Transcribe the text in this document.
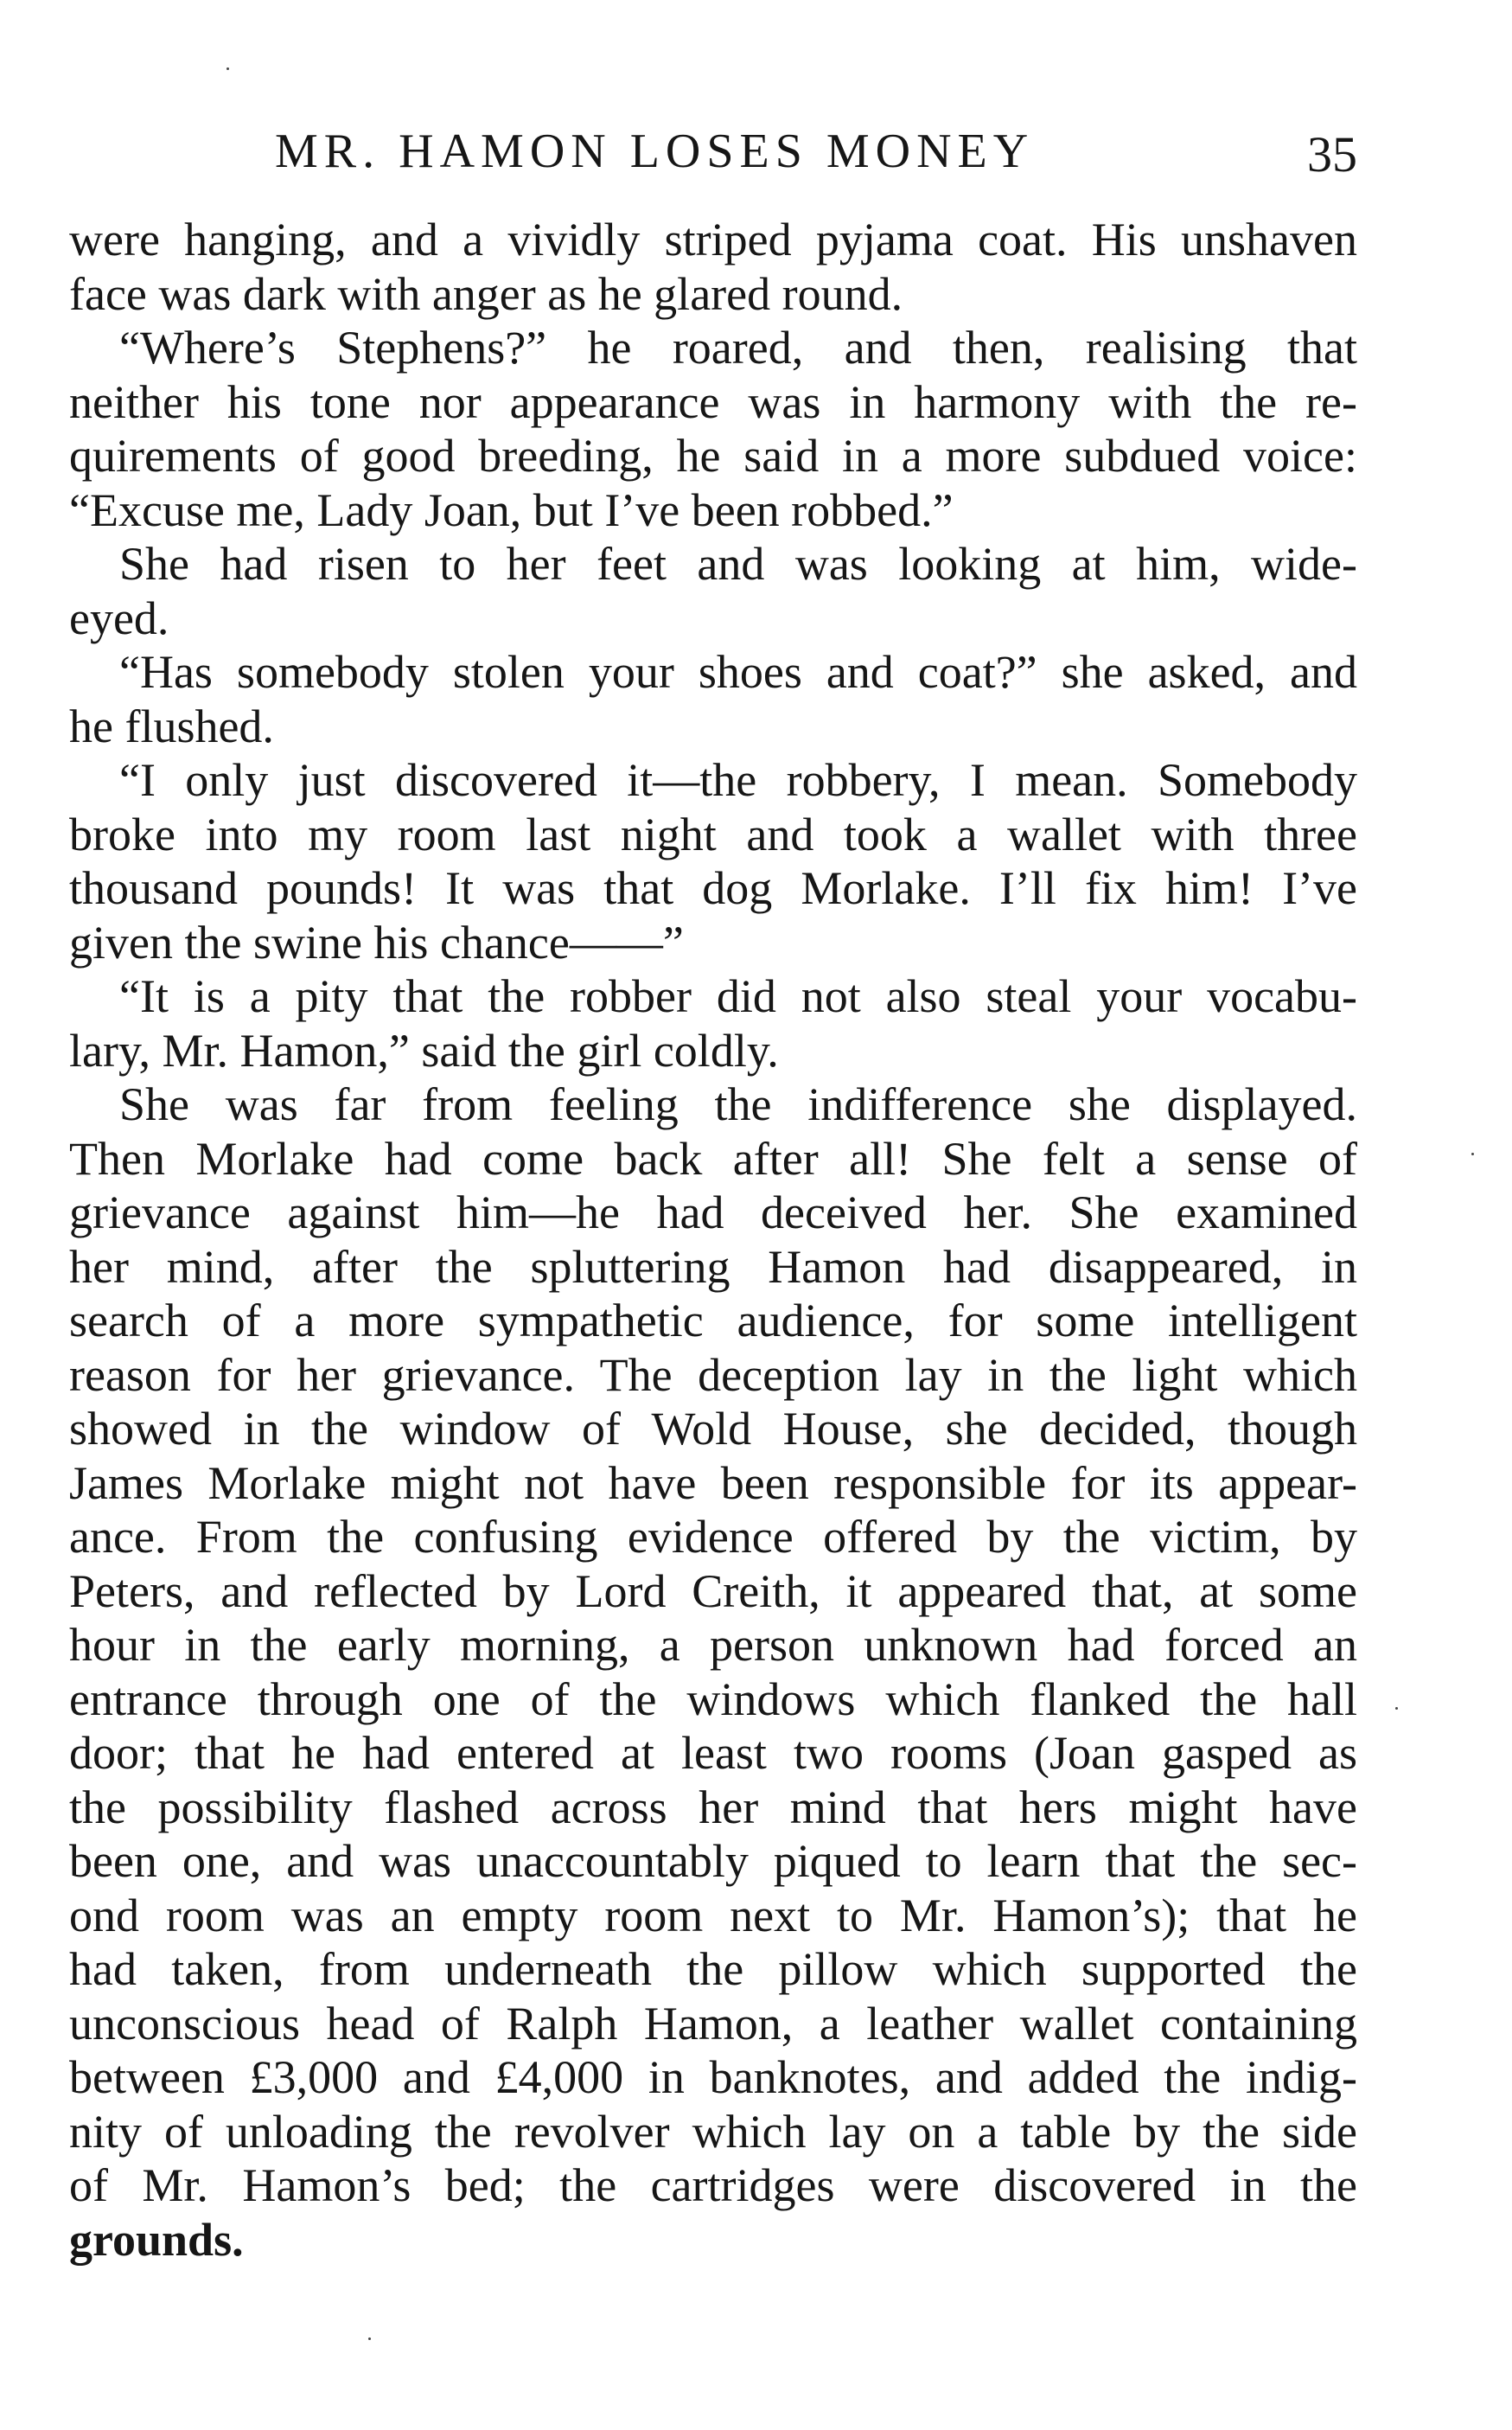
MR. HAMON LOSES MONEY	35
were hanging, and a vividly striped pyjama coat. His unshaven
face was dark with anger as he glared round.
“Where’s Stephens?” he roared, and then, realising that
neither his tone nor appearance was in harmony with the re-
quirements of good breeding, he said in a more subdued voice:
“Excuse me, Lady Joan, but I’ve been robbed.”
She had risen to her feet and was looking at him, wide-
eyed.
“Has somebody stolen your shoes and coat?” she asked, and
he flushed.
“I only just discovered it—the robbery, I mean. Somebody
broke into my room last night and took a wallet with three
thousand pounds! It was that dog Morlake. I’ll fix him! I’ve
given the swine his chance——”
“It is a pity that the robber did not also steal your vocabu-
lary, Mr. Hamon,” said the girl coldly.
She was far from feeling the indifference she displayed.
Then Morlake had come back after all! She felt a sense of
grievance against him—he had deceived her. She examined
her mind, after the spluttering Hamon had disappeared, in
search of a more sympathetic audience, for some intelligent
reason for her grievance. The deception lay in the light which
showed in the window of Wold House, she decided, though
James Morlake might not have been responsible for its appear-
ance. From the confusing evidence offered by the victim, by
Peters, and reflected by Lord Creith, it appeared that, at some
hour in the early morning, a person unknown had forced an
entrance through one of the windows which flanked the hall
door; that he had entered at least two rooms (Joan gasped as
the possibility flashed across her mind that hers might have
been one, and was unaccountably piqued to learn that the sec-
ond room was an empty room next to Mr. Hamon’s); that he
had taken, from underneath the pillow which supported the
unconscious head of Ralph Hamon, a leather wallet containing
between £3,000 and £4,000 in banknotes, and added the indig-
nity of unloading the revolver which lay on a table by the side
of Mr. Hamon’s bed; the cartridges were discovered in the
grounds.
